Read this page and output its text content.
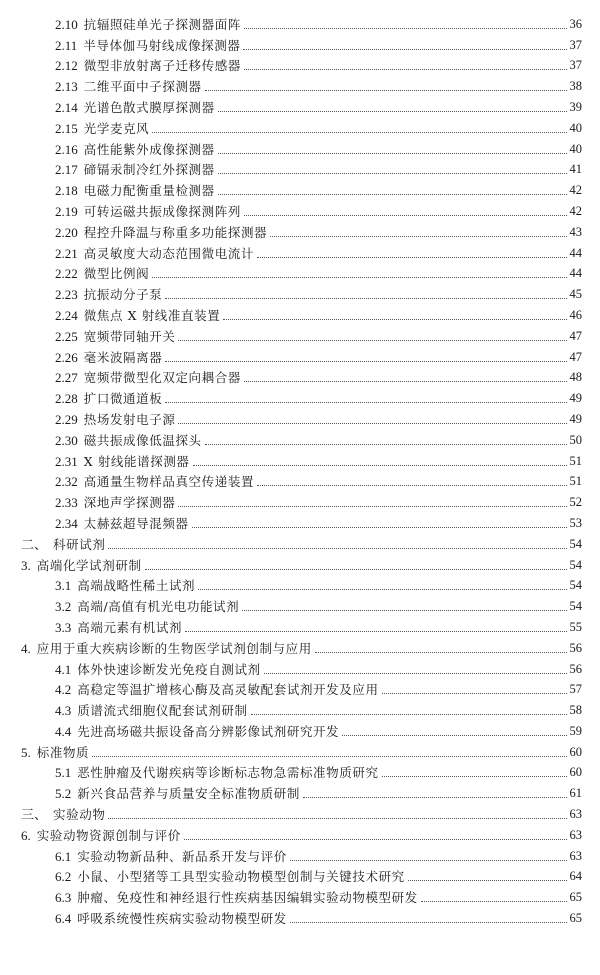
2.10 抗辐照硅单光子探测器面阵	36
2.11 半导体伽马射线成像探测器	37
2.12 微型非放射离子迁移传感器	37
2.13 二维平面中子探测器	38
2.14 光谱色散式膜厚探测器	39
2.15 光学麦克风	40
2.16 高性能紫外成像探测器	40
2.17 碲镉汞制冷红外探测器	41
2.18 电磁力配衡重量检测器	42
2.19 可转运磁共振成像探测阵列	42
2.20 程控升降温与称重多功能探测器	43
2.21 高灵敏度大动态范围微电流计	44
2.22 微型比例阀	44
2.23 抗振动分子泵	45
2.24 微焦点 X 射线准直装置	46
2.25 宽频带同轴开关	47
2.26 毫米波隔离器	47
2.27 宽频带微型化双定向耦合器	48
2.28 扩口微通道板	49
2.29 热场发射电子源	49
2.30 磁共振成像低温探头	50
2.31 X 射线能谱探测器	51
2.32 高通量生物样品真空传递装置	51
2.33 深地声学探测器	52
2.34 太赫兹超导混频器	53
二、 科研试剂	54
3. 高端化学试剂研制	54
3.1 高端战略性稀土试剂	54
3.2 高端/高值有机光电功能试剂	54
3.3 高端元素有机试剂	55
4. 应用于重大疾病诊断的生物医学试剂创制与应用	56
4.1 体外快速诊断发光免疫自测试剂	56
4.2 高稳定等温扩增核心酶及高灵敏配套试剂开发及应用	57
4.3 质谱流式细胞仪配套试剂研制	58
4.4 先进高场磁共振设备高分辨影像试剂研究开发	59
5. 标准物质	60
5.1 恶性肿瘤及代谢疾病等诊断标志物急需标准物质研究	60
5.2 新兴食品营养与质量安全标准物质研制	61
三、 实验动物	63
6. 实验动物资源创制与评价	63
6.1 实验动物新品种、新品系开发与评价	63
6.2 小鼠、小型猪等工具型实验动物模型创制与关键技术研究	64
6.3 肿瘤、免疫性和神经退行性疾病基因编辑实验动物模型研发	65
6.4 呼吸系统慢性疾病实验动物模型研发	65
